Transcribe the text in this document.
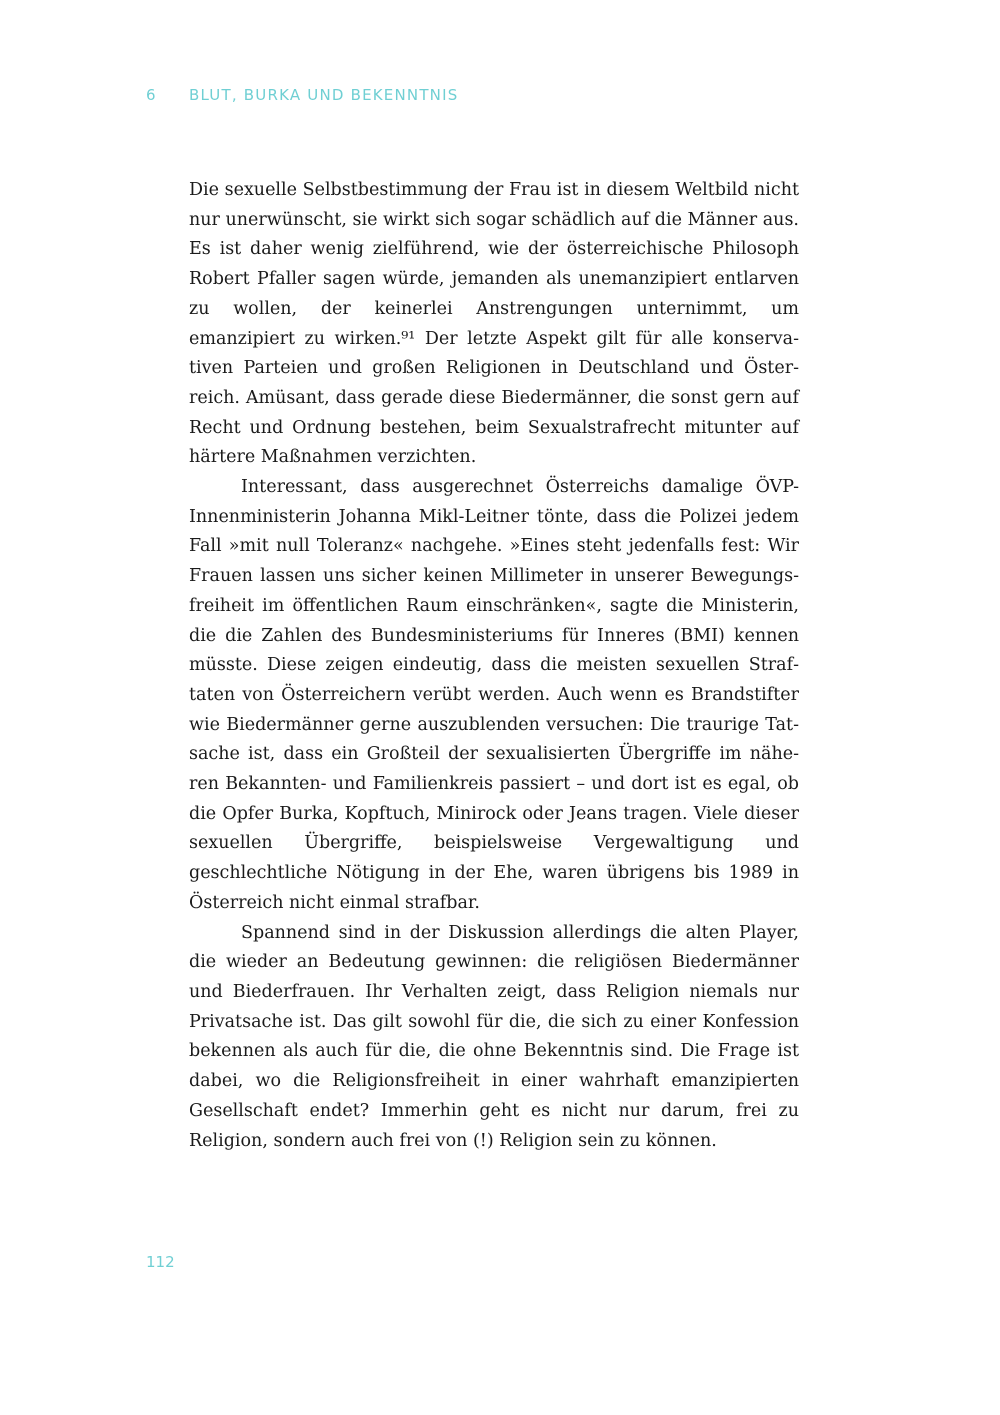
6 BLUT, BURKA UND BEKENNTNIS

Die sexuelle Selbstbestimmung der Frau ist in diesem Weltbild nicht nur unerwünscht, sie wirkt sich sogar schädlich auf die Männer aus. Es ist daher wenig zielführend, wie der österreichische Philosoph Robert Pfaller sagen würde, jemanden als unemanzipiert entlarven zu wollen, der keinerlei Anstrengungen unternimmt, um emanzipiert zu wirken.⁹¹ Der letzte Aspekt gilt für alle konservativen Parteien und großen Religionen in Deutschland und Österreich. Amüsant, dass gerade diese Biedermänner, die sonst gern auf Recht und Ordnung bestehen, beim Sexualstrafrecht mitunter auf härtere Maßnahmen verzichten.

Interessant, dass ausgerechnet Österreichs damalige ÖVP-Innenministerin Johanna Mikl-Leitner tönte, dass die Polizei jedem Fall »mit null Toleranz« nachgehe. »Eines steht jedenfalls fest: Wir Frauen lassen uns sicher keinen Millimeter in unserer Bewegungsfreiheit im öffentlichen Raum einschränken«, sagte die Ministerin, die die Zahlen des Bundesministeriums für Inneres (BMI) kennen müsste. Diese zeigen eindeutig, dass die meisten sexuellen Straftaten von Österreichern verübt werden. Auch wenn es Brandstifter wie Biedermänner gerne auszublenden versuchen: Die traurige Tatsache ist, dass ein Großteil der sexualisierten Übergriffe im näheren Bekannten- und Familienkreis passiert – und dort ist es egal, ob die Opfer Burka, Kopftuch, Minirock oder Jeans tragen. Viele dieser sexuellen Übergriffe, beispielsweise Vergewaltigung und geschlechtliche Nötigung in der Ehe, waren übrigens bis 1989 in Österreich nicht einmal strafbar.

Spannend sind in der Diskussion allerdings die alten Player, die wieder an Bedeutung gewinnen: die religiösen Biedermänner und Biederfrauen. Ihr Verhalten zeigt, dass Religion niemals nur Privatsache ist. Das gilt sowohl für die, die sich zu einer Konfession bekennen als auch für die, die ohne Bekenntnis sind. Die Frage ist dabei, wo die Religionsfreiheit in einer wahrhaft emanzipierten Gesellschaft endet? Immerhin geht es nicht nur darum, frei zu Religion, sondern auch frei von (!) Religion sein zu können.

112
